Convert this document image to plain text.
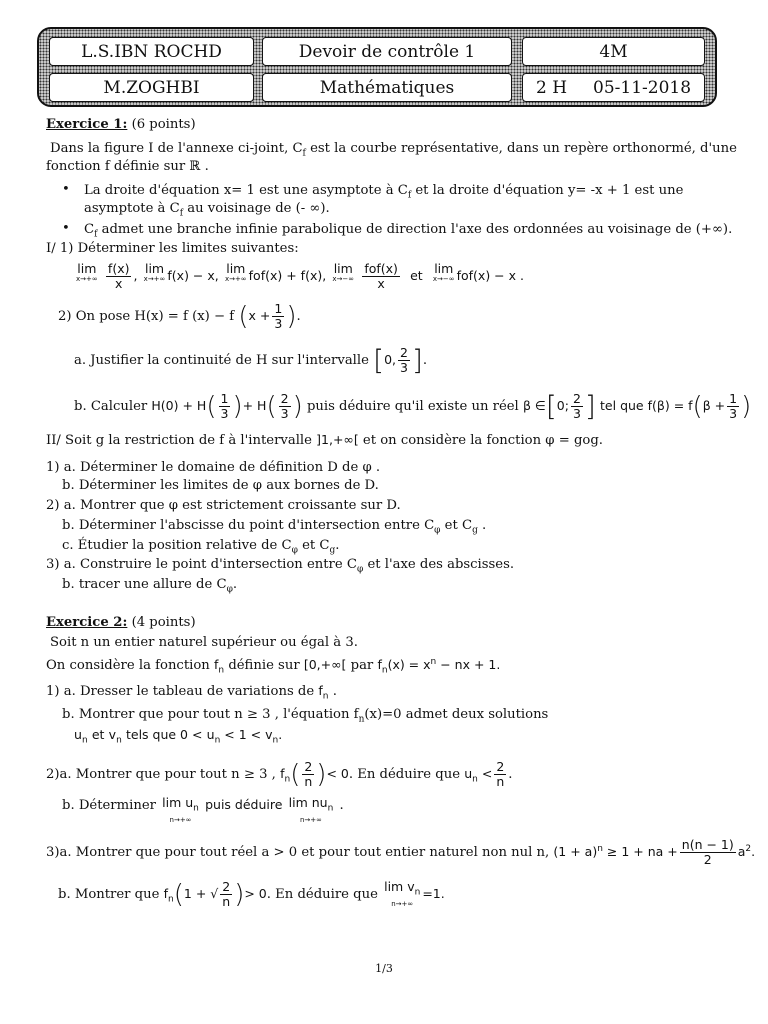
L.S.IBN ROCHD	Devoir de contrôle 1	4M
M.ZOGHBI	Mathématiques	2 H 05-11-2018
Exercice 1: (6 points)
Dans la figure I de l'annexe ci-joint, $C_f$ est la courbe représentative, dans un repère orthonormé, d'une
fonction f définie sur ℝ .
• La droite d'équation x= 1 est une asymptote à $C_f$ et la droite d'équation y= -x + 1 est une
asymptote à $C_f$ au voisinage de (- ∞).
• $C_f$ admet une branche infinie parabolique de direction l'axe des ordonnées au voisinage de (+∞).
I/ 1) Déterminer les limites suivantes:
lim
x→+∞
$\frac{f(x)}{x}$ , lim
x→+∞ f(x) − x, lim
x→+∞ fof(x) + f(x), lim
x→−∞
$\frac{\text{fof(x)}}{x}$ et lim
x→−∞ fof(x) − x .
2) On pose H(x) = f (x) − f ($x + \frac{1}{3}$ ).
a. Justifier la continuité de H sur l'intervalle [0, $\frac{2}{3}$ ].
b. Calculer $H(0) + H( \frac{1}{3}$ )+ $H( \frac{2}{3}$ ) puis déduire qu'il existe un réel β ∈[0; $\frac{2}{3}$ ] tel que $f(\beta) = f(\beta + \frac{1}{3}$ )
II/ Soit g la restriction de f à l'intervalle ]1,+∞[ et on considère la fonction φ = gog.
1) a. Déterminer le domaine de définition D de φ .
b. Déterminer les limites de φ aux bornes de D.
2) a. Montrer que φ est strictement croissante sur D.
b. Déterminer l'abscisse du point d'intersection entre $C_\varphi$ et $C_g$ .
c. Étudier la position relative de $C_\varphi$ et $C_g$.
3) a. Construire le point d'intersection entre $C_\varphi$ et l'axe des abscisses.
b. tracer une allure de $C_\varphi$.
Exercice 2: (4 points)
Soit n un entier naturel supérieur ou égal à 3.
On considère la fonction $f_n$ définie sur [0,+∞[ par $f_n(x) = x^n$ − nx + 1.
1) a. Dresser le tableau de variations de $f_n$ .
b. Montrer que pour tout n ≥ 3 , l'équation $f_n(x)=0$ admet deux solutions
$u_n$ et $v_n$ tels que $0 < u_n < 1 < v_n$.
2)a. Montrer que pour tout n ≥ 3 , $f_n( \frac{2}{n}$ )< 0. En déduire que $u_n < \frac{2}{n}$ .
b. Déterminer $\lim u_n$
n→+∞
puis déduire $\lim nu_n$
n→+∞
.
3)a. Montrer que pour tout réel a > 0 et pour tout entier naturel non nul n, $(1 + a)^n \ge 1$ + na + $\frac{n(n - 1)}{2} a^2$.
b. Montrer que $f_n(1$ + √ $\frac{2}{n}$ )> 0. En déduire que
$\lim v_n$
n→+∞
=1.
1/3
